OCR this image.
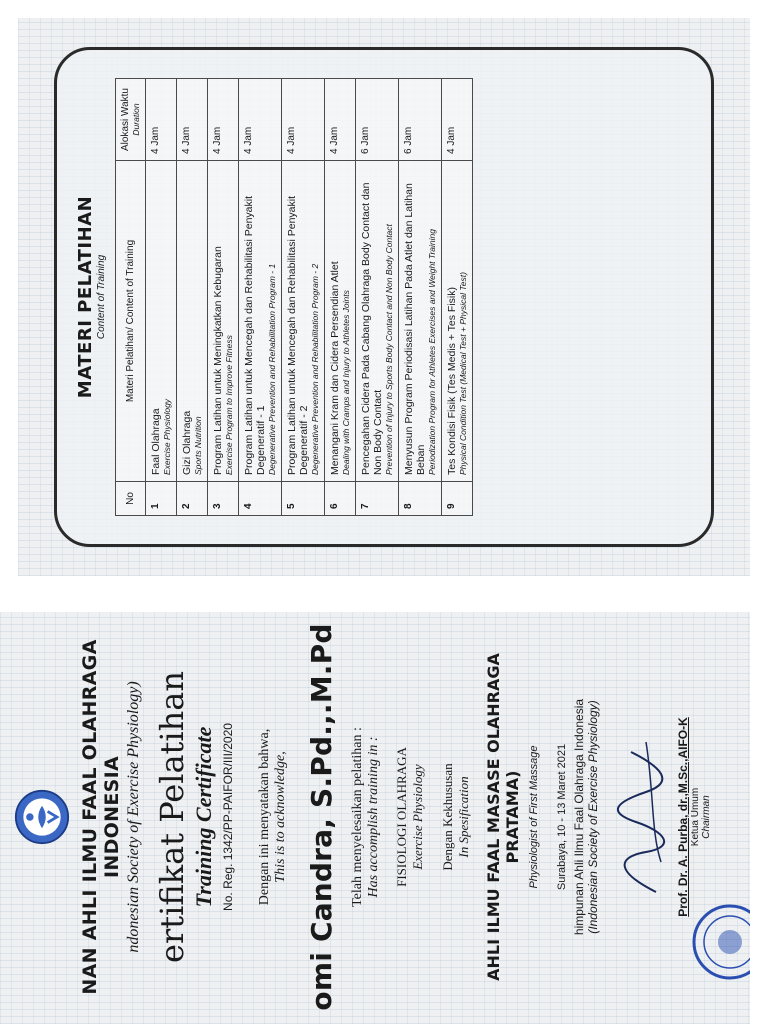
MATERI PELATIHAN Content of Training
No	Materi Pelatihan/ Content of Training	Alokasi Waktu Duration

1	Faal Olahraga Exercise Physiology	4 Jam
2	Gizi Olahraga Sports Nutrition	4 Jam
3	Program Latihan untuk Meningkatkan Kebugaran Exercise Program to Improve Fitness	4 Jam
4	Program Latihan untuk Mencegah dan Rehabilitasi Penyakit Degeneratif - 1 Degenerative Prevention and Rehabilitation Program - 1	4 Jam
5	Program Latihan untuk Mencegah dan Rehabilitasi Penyakit Degeneratif - 2 Degenerative Prevention and Rehabilitation Program - 2	4 Jam
6	Menangani Kram dan Cidera Persendian Atlet Dealing with Cramps and Injury to Athletes Joints	4 Jam
7	Pencegahan Cidera Pada Cabang Olahraga Body Contact dan Non Body Contact Prevention of Injury to Sports Body Contact and Non Body Contact	6 Jam
8	Menyusun Program Periodisasi Latihan Pada Atlet dan Latihan Beban Periodization Program for Athletes Exercises and Weight Training	6 Jam
9	Tes Kondisi Fisik (Tes Medis + Tes Fisik) Physical Condition Test (Medical Test + Physical Test)	4 Jam
NAN AHLI ILMU FAAL OLAHRAGA INDONESIA ndonesian Society of Exercise Physiology) ertifikat Pelatihan Training Certificate No. Reg. 1342/PP-PAIFOR/III/2020 Dengan ini menyatakan bahwa, This is to acknowledge, omi Candra, S.Pd.,.M.Pd Telah menyelesaikan pelatihan : Has accomplish training in : FISIOLOGI OLAHRAGA Exercise Physiology Dengan Kekhususan In Spesification AHLI ILMU FAAL MASASE OLAHRAGA PRATAMA) Physiologist of First Massage Surabaya, 10 - 13 Maret 2021 himpunan Ahli Ilmu Faal Olahraga Indonesia (Indonesian Society of Exercise Physiology)	Prof. Dr. A. Purba, dr.,M.Sc.,AIFO-K Ketua Umum Chairman
